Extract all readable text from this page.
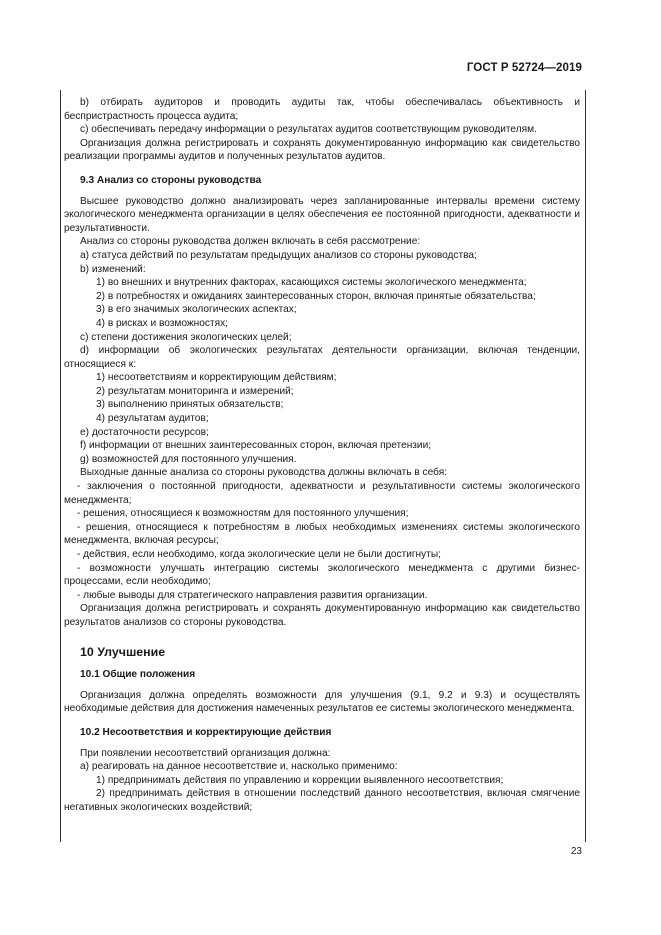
ГОСТ Р 52724—2019

b) отбирать аудиторов и проводить аудиты так, чтобы обеспечивалась объективность и беспристрастность процесса аудита;

c) обеспечивать передачу информации о результатах аудитов соответствующим руководителям.

Организация должна регистрировать и сохранять документированную информацию как свидетельство реализации программы аудитов и полученных результатов аудитов.

9.3 Анализ со стороны руководства

Высшее руководство должно анализировать через запланированные интервалы времени систему экологического менеджмента организации в целях обеспечения ее постоянной пригодности, адекватности и результативности.

Анализ со стороны руководства должен включать в себя рассмотрение:

a) статуса действий по результатам предыдущих анализов со стороны руководства;

b) изменений:

1) во внешних и внутренних факторах, касающихся системы экологического менеджмента;

2) в потребностях и ожиданиях заинтересованных сторон, включая принятые обязательства;

3) в его значимых экологических аспектах;

4) в рисках и возможностях;

c) степени достижения экологических целей;

d) информации об экологических результатах деятельности организации, включая тенденции, относящиеся к:

1) несоответствиям и корректирующим действиям;

2) результатам мониторинга и измерений;

3) выполнению принятых обязательств;

4) результатам аудитов;

e) достаточности ресурсов;

f) информации от внешних заинтересованных сторон, включая претензии;

g) возможностей для постоянного улучшения.

Выходные данные анализа со стороны руководства должны включать в себя:

- заключения о постоянной пригодности, адекватности и результативности системы экологического менеджмента;

- решения, относящиеся к возможностям для постоянного улучшения;

- решения, относящиеся к потребностям в любых необходимых изменениях системы экологического менеджмента, включая ресурсы;

- действия, если необходимо, когда экологические цели не были достигнуты;

- возможности улучшать интеграцию системы экологического менеджмента с другими бизнес-процессами, если необходимо;

- любые выводы для стратегического направления развития организации.

Организация должна регистрировать и сохранять документированную информацию как свидетельство результатов анализов со стороны руководства.

10 Улучшение
10.1 Общие положения

Организация должна определять возможности для улучшения (9.1, 9.2 и 9.3) и осуществлять необходимые действия для достижения намеченных результатов ее системы экологического менеджмента.

10.2 Несоответствия и корректирующие действия

При появлении несоответствий организация должна:

a) реагировать на данное несоответствие и, насколько применимо:

1) предпринимать действия по управлению и коррекции выявленного несоответствия;

2) предпринимать действия в отношении последствий данного несоответствия, включая смягчение негативных экологических воздействий;

23
